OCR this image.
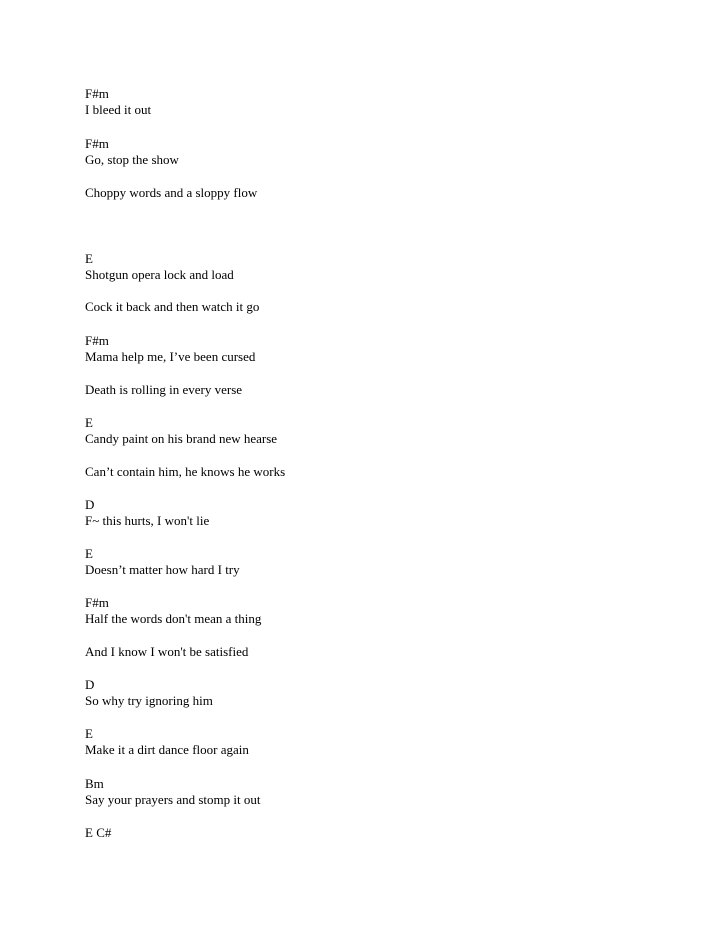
F#m

I bleed it out

F#m

Go, stop the show

Choppy words and a sloppy flow

E

Shotgun opera lock and load

Cock it back and then watch it go

F#m

Mama help me, I’ve been cursed

Death is rolling in every verse

E

Candy paint on his brand new hearse

Can’t contain him, he knows he works

D

F~ this hurts, I won't lie

E

Doesn’t matter how hard I try

F#m

Half the words don't mean a thing

And I know I won't be satisfied

D

So why try ignoring him

E

Make it a dirt dance floor again

Bm

Say your prayers and stomp it out

E C#
